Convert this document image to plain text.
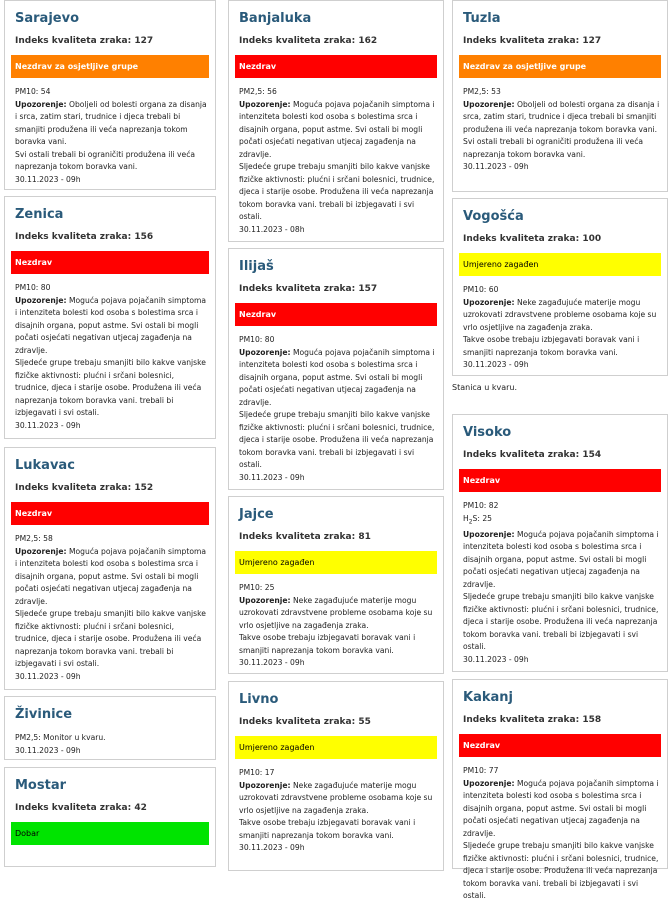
Sarajevo
Indeks kvaliteta zraka: 127
Nezdrav za osjetljive grupe
PM10: 54
Upozorenje: Oboljeli od bolesti organa za disanja i srca, zatim stari, trudnice i djeca trebali bi smanjiti produžena ili veća naprezanja tokom boravka vani.
Svi ostali trebali bi ograničiti produžena ili veća naprezanja tokom boravka vani.
30.11.2023 - 09h
Zenica
Indeks kvaliteta zraka: 156
Nezdrav
PM10: 80
Upozorenje: Moguća pojava pojačanih simptoma i intenziteta bolesti kod osoba s bolestima srca i disajnih organa, poput astme. Svi ostali bi mogli počati osjećati negativan utjecaj zagađenja na zdravlje.
Sljedeće grupe trebaju smanjiti bilo kakve vanjske fizičke aktivnosti: plućni i srčani bolesnici, trudnice, djeca i starije osobe. Produžena ili veća naprezanja tokom boravka vani. trebali bi izbjegavati i svi ostali.
30.11.2023 - 09h
Lukavac
Indeks kvaliteta zraka: 152
Nezdrav
PM2,5: 58
Upozorenje: Moguća pojava pojačanih simptoma i intenziteta bolesti kod osoba s bolestima srca i disajnih organa, poput astme. Svi ostali bi mogli počati osjećati negativan utjecaj zagađenja na zdravlje.
Sljedeće grupe trebaju smanjiti bilo kakve vanjske fizičke aktivnosti: plućni i srčani bolesnici, trudnice, djeca i starije osobe. Produžena ili veća naprezanja tokom boravka vani. trebali bi izbjegavati i svi ostali.
30.11.2023 - 09h
Živinice
PM2,5: Monitor u kvaru.
30.11.2023 - 09h
Mostar
Indeks kvaliteta zraka: 42
Dobar
Banjaluka
Indeks kvaliteta zraka: 162
Nezdrav
PM2,5: 56
Upozorenje: Moguća pojava pojačanih simptoma i intenziteta bolesti kod osoba s bolestima srca i disajnih organa, poput astme. Svi ostali bi mogli počati osjećati negativan utjecaj zagađenja na zdravlje.
Sljedeće grupe trebaju smanjiti bilo kakve vanjske fizičke aktivnosti: plućni i srčani bolesnici, trudnice, djeca i starije osobe. Produžena ili veća naprezanja tokom boravka vani. trebali bi izbjegavati i svi ostali.
30.11.2023 - 08h
Ilijaš
Indeks kvaliteta zraka: 157
Nezdrav
PM10: 80
Upozorenje: Moguća pojava pojačanih simptoma i intenziteta bolesti kod osoba s bolestima srca i disajnih organa, poput astme. Svi ostali bi mogli počati osjećati negativan utjecaj zagađenja na zdravlje.
Sljedeće grupe trebaju smanjiti bilo kakve vanjske fizičke aktivnosti: plućni i srčani bolesnici, trudnice, djeca i starije osobe. Produžena ili veća naprezanja tokom boravka vani. trebali bi izbjegavati i svi ostali.
30.11.2023 - 09h
Jajce
Indeks kvaliteta zraka: 81
Umjereno zagađen
PM10: 25
Upozorenje: Neke zagađujuće materije mogu uzrokovati zdravstvene probleme osobama koje su vrlo osjetljive na zagađenja zraka.
Takve osobe trebaju izbjegavati boravak vani i smanjiti naprezanja tokom boravka vani.
30.11.2023 - 09h
Livno
Indeks kvaliteta zraka: 55
Umjereno zagađen
PM10: 17
Upozorenje: Neke zagađujuće materije mogu uzrokovati zdravstvene probleme osobama koje su vrlo osjetljive na zagađenja zraka.
Takve osobe trebaju izbjegavati boravak vani i smanjiti naprezanja tokom boravka vani.
30.11.2023 - 09h
Tuzla
Indeks kvaliteta zraka: 127
Nezdrav za osjetljive grupe
PM2,5: 53
Upozorenje: Oboljeli od bolesti organa za disanja i srca, zatim stari, trudnice i djeca trebali bi smanjiti produžena ili veća naprezanja tokom boravka vani.
Svi ostali trebali bi ograničiti produžena ili veća naprezanja tokom boravka vani.
30.11.2023 - 09h
Vogošća
Indeks kvaliteta zraka: 100
Umjereno zagađen
PM10: 60
Upozorenje: Neke zagađujuće materije mogu uzrokovati zdravstvene probleme osobama koje su vrlo osjetljive na zagađenja zraka.
Takve osobe trebaju izbjegavati boravak vani i smanjiti naprezanja tokom boravka vani.
30.11.2023 - 09h
Stanica u kvaru.
Visoko
Indeks kvaliteta zraka: 154
Nezdrav
PM10: 82
$H_2S$: 25
Upozorenje: Moguća pojava pojačanih simptoma i intenziteta bolesti kod osoba s bolestima srca i disajnih organa, poput astme. Svi ostali bi mogli počati osjećati negativan utjecaj zagađenja na zdravlje.
Sljedeće grupe trebaju smanjiti bilo kakve vanjske fizičke aktivnosti: plućni i srčani bolesnici, trudnice, djeca i starije osobe. Produžena ili veća naprezanja tokom boravka vani. trebali bi izbjegavati i svi ostali.
30.11.2023 - 09h
Kakanj
Indeks kvaliteta zraka: 158
Nezdrav
PM10: 77
Upozorenje: Moguća pojava pojačanih simptoma i intenziteta bolesti kod osoba s bolestima srca i disajnih organa, poput astme. Svi ostali bi mogli počati osjećati negativan utjecaj zagađenja na zdravlje.
Sljedeće grupe trebaju smanjiti bilo kakve vanjske fizičke aktivnosti: plućni i srčani bolesnici, trudnice, djeca i starije osobe. Produžena ili veća naprezanja tokom boravka vani. trebali bi izbjegavati i svi ostali.
